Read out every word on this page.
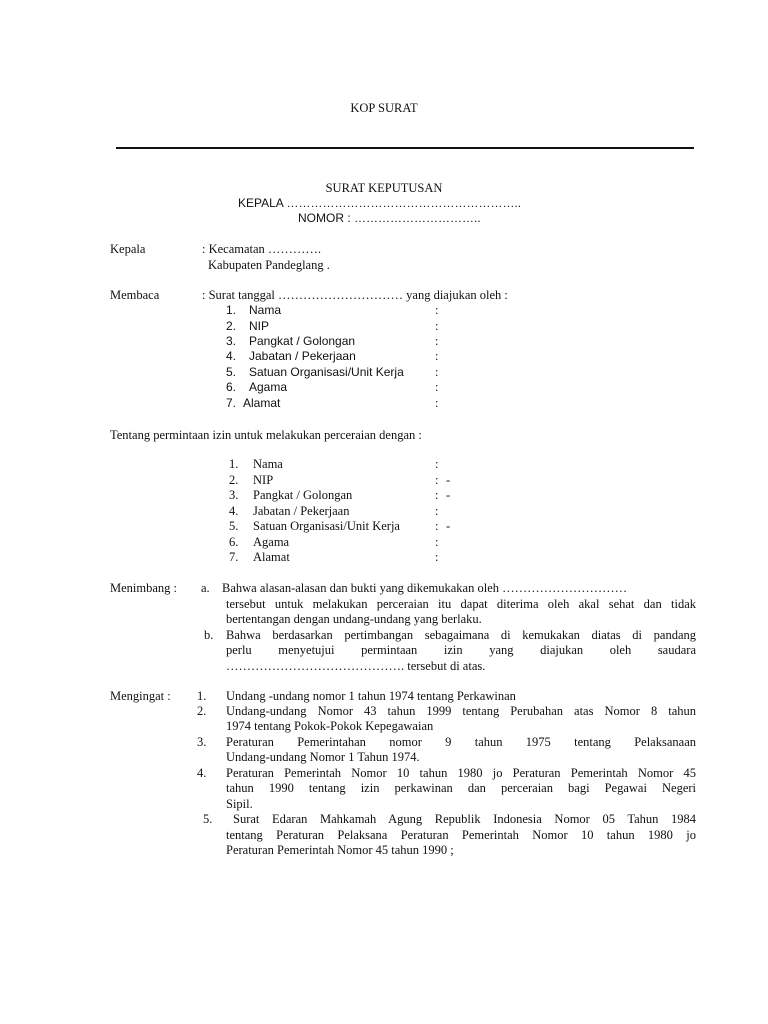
KOP SURAT
SURAT KEPUTUSAN
KEPALA …………………………………………………..
NOMOR : …………………………..
Kepala	: Kecamatan ………….
Kabupaten Pandeglang .
Membaca	: Surat tanggal ………………………… yang diajukan oleh :
1. Nama	:
2. NIP	:
3. Pangkat / Golongan	:
4. Jabatan / Pekerjaan	:
5. Satuan Organisasi/Unit Kerja	:
6. Agama	:
7. Alamat	:
Tentang permintaan izin untuk melakukan perceraian dengan :
1. Nama	:
2. NIP	: -
3. Pangkat / Golongan	: -
4. Jabatan / Pekerjaan	:
5. Satuan Organisasi/Unit Kerja	: -
6. Agama	:
7. Alamat	:
Menimbang : a. Bahwa alasan-alasan dan bukti yang dikemukakan oleh …………………………
tersebut untuk melakukan perceraian itu dapat diterima oleh akal sehat dan tidak
bertentangan dengan undang-undang yang berlaku.
b. Bahwa berdasarkan pertimbangan sebagaimana di kemukakan diatas di pandang
perlu menyetujui permintaan izin yang diajukan oleh saudara
……………………………………. tersebut di atas.
Mengingat : 1. Undang -undang nomor 1 tahun 1974 tentang Perkawinan
2. Undang-undang Nomor 43 tahun 1999 tentang Perubahan atas Nomor 8 tahun
1974 tentang Pokok-Pokok Kepegawaian
3. Peraturan Pemerintahan nomor 9 tahun 1975 tentang Pelaksanaan
Undang-undang Nomor 1 Tahun 1974.
4. Peraturan Pemerintah Nomor 10 tahun 1980 jo Peraturan Pemerintah Nomor 45
tahun 1990 tentang izin perkawinan dan perceraian bagi Pegawai Negeri
Sipil.
5. Surat Edaran Mahkamah Agung Republik Indonesia Nomor 05 Tahun 1984
tentang Peraturan Pelaksana Peraturan Pemerintah Nomor 10 tahun 1980 jo
Peraturan Pemerintah Nomor 45 tahun 1990 ;
